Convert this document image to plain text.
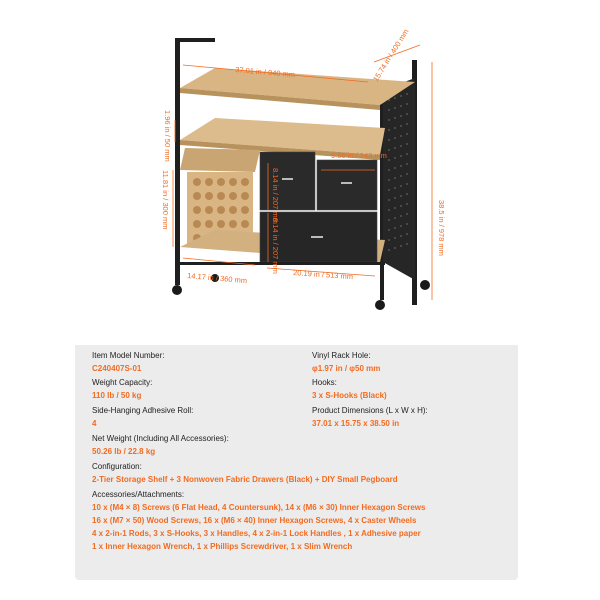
37.01 in / 940 mm	15.74 in / 400 mm
38.5 in / 978 mm
1.96 in / 50 mm
11.81 in / 300 mm
14.17 in / 360 mm
8.14 in / 207 mm
8.14 in / 207 mm
9.56 in / 243 mm
20.19 in / 513 mm
Item Model Number:
C240407S-01
Weight Capacity:
110 lb / 50 kg
Side-Hanging Adhesive Roll:
4
Net Weight (Including All Accessories):
50.26 lb / 22.8 kg
Configuration:
2-Tier Storage Shelf + 3 Nonwoven Fabric Drawers (Black) + DIY Small Pegboard
Vinyl Rack Hole:
φ1.97 in / φ50 mm
Hooks:
3 x S-Hooks (Black)
Product Dimensions (L x W x H):
37.01 x 15.75 x 38.50 in
Accessories/Attachments:
10 x (M4 × 8) Screws (6 Flat Head, 4 Countersunk), 14 x (M6 × 30) Inner Hexagon Screws
16 x (M7 × 50) Wood Screws, 16 x (M6 × 40) Inner Hexagon Screws, 4 x Caster Wheels
4 x 2-in-1 Rods, 3 x S-Hooks, 3 x Handles, 4 x 2-in-1 Lock Handles , 1 x Adhesive paper
1 x Inner Hexagon Wrench, 1 x Phillips Screwdriver, 1 x Slim Wrench
